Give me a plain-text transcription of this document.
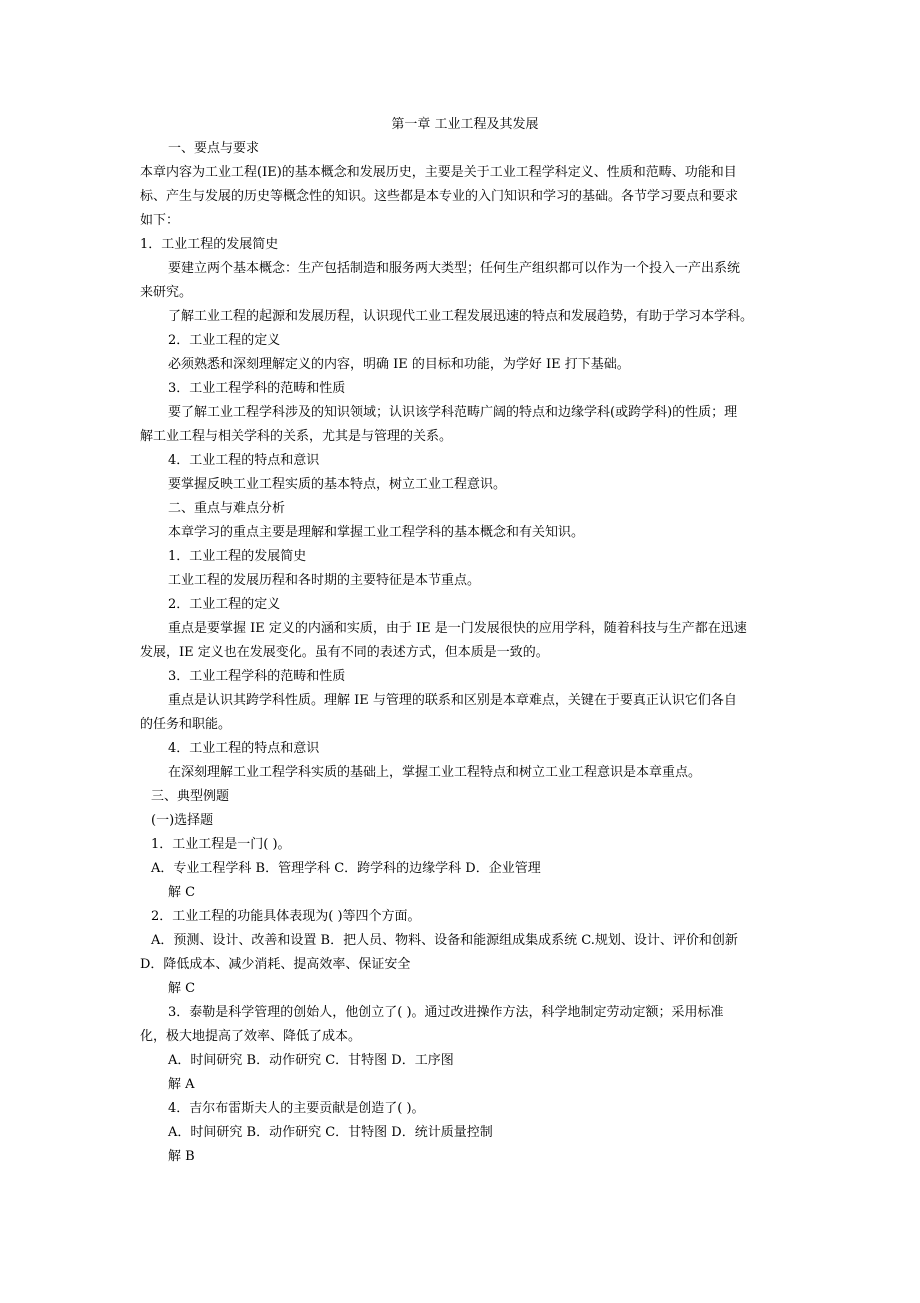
第一章 工业工程及其发展
一、要点与要求
本章内容为工业工程(IE)的基本概念和发展历史，主要是关于工业工程学科定义、性质和范畴、功能和目
标、产生与发展的历史等概念性的知识。这些都是本专业的入门知识和学习的基础。各节学习要点和要求
如下：
1．工业工程的发展简史
要建立两个基本概念：生产包括制造和服务两大类型；任何生产组织都可以作为一个投入一产出系统
来研究。
了解工业工程的起源和发展历程，认识现代工业工程发展迅速的特点和发展趋势，有助于学习本学科。
2．工业工程的定义
必须熟悉和深刻理解定义的内容，明确 IE 的目标和功能，为学好 IE 打下基础。
3．工业工程学科的范畴和性质
要了解工业工程学科涉及的知识领域；认识该学科范畴广阔的特点和边缘学科(或跨学科)的性质；理
解工业工程与相关学科的关系，尤其是与管理的关系。
4．工业工程的特点和意识
要掌握反映工业工程实质的基本特点，树立工业工程意识。
二、重点与难点分析
本章学习的重点主要是理解和掌握工业工程学科的基本概念和有关知识。
1．工业工程的发展简史
工业工程的发展历程和各时期的主要特征是本节重点。
2．工业工程的定义
重点是要掌握 IE 定义的内涵和实质，由于 IE 是一门发展很快的应用学科，随着科技与生产都在迅速
发展，IE 定义也在发展变化。虽有不同的表述方式，但本质是一致的。
3．工业工程学科的范畴和性质
重点是认识其跨学科性质。理解 IE 与管理的联系和区别是本章难点，关键在于要真正认识它们各自
的任务和职能。
4．工业工程的特点和意识
在深刻理解工业工程学科实质的基础上，掌握工业工程特点和树立工业工程意识是本章重点。
三、典型例题
(一)选择题
1．工业工程是一门( )。
A．专业工程学科 B．管理学科 C．跨学科的边缘学科 D．企业管理
解 C
2．工业工程的功能具体表现为( )等四个方面。
A．预测、设计、改善和设置 B．把人员、物料、设备和能源组成集成系统 C.规划、设计、评价和创新
D．降低成本、减少消耗、提高效率、保证安全
解 C
3．泰勒是科学管理的创始人，他创立了( )。通过改进操作方法，科学地制定劳动定额；采用标准
化，极大地提高了效率、降低了成本。
A．时间研究 B．动作研究 C．甘特图 D．工序图
解 A
4．吉尔布雷斯夫人的主要贡献是创造了( )。
A．时间研究 B．动作研究 C．甘特图 D．统计质量控制
解 B
